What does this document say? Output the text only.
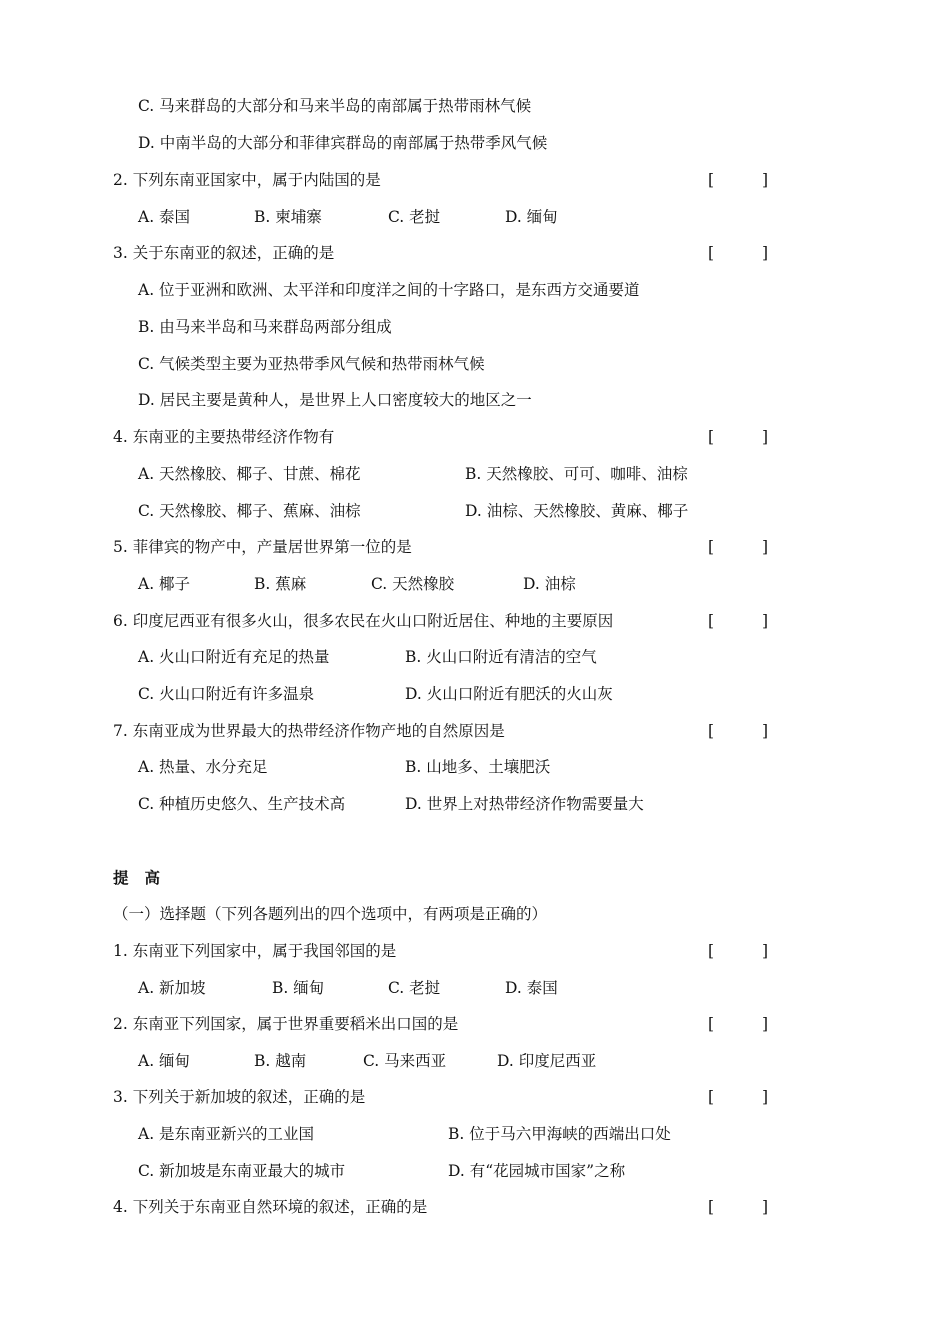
C. 马来群岛的大部分和马来半岛的南部属于热带雨林气候
D. 中南半岛的大部分和菲律宾群岛的南部属于热带季风气候
2. 下列东南亚国家中，属于内陆国的是	[	]
A. 泰国	B. 柬埔寨	C. 老挝	D. 缅甸
3. 关于东南亚的叙述，正确的是	[	]
A. 位于亚洲和欧洲、太平洋和印度洋之间的十字路口，是东西方交通要道
B. 由马来半岛和马来群岛两部分组成
C. 气候类型主要为亚热带季风气候和热带雨林气候
D. 居民主要是黄种人，是世界上人口密度较大的地区之一
4. 东南亚的主要热带经济作物有	[	]
A. 天然橡胶、椰子、甘蔗、棉花	B. 天然橡胶、可可、咖啡、油棕
C. 天然橡胶、椰子、蕉麻、油棕	D. 油棕、天然橡胶、黄麻、椰子
5. 菲律宾的物产中，产量居世界第一位的是	[	]
A. 椰子	B. 蕉麻	C. 天然橡胶	D. 油棕
6. 印度尼西亚有很多火山，很多农民在火山口附近居住、种地的主要原因	[	]
A. 火山口附近有充足的热量	B. 火山口附近有清洁的空气
C. 火山口附近有许多温泉	D. 火山口附近有肥沃的火山灰
7. 东南亚成为世界最大的热带经济作物产地的自然原因是	[	]
A. 热量、水分充足	B. 山地多、土壤肥沃
C. 种植历史悠久、生产技术高	D. 世界上对热带经济作物需要量大
提 高
（一）选择题（下列各题列出的四个选项中，有两项是正确的）
1. 东南亚下列国家中，属于我国邻国的是	[	]
A. 新加坡	B. 缅甸	C. 老挝	D. 泰国
2. 东南亚下列国家，属于世界重要稻米出口国的是	[	]
A. 缅甸	B. 越南	C. 马来西亚	D. 印度尼西亚
3. 下列关于新加坡的叙述，正确的是	[	]
A. 是东南亚新兴的工业国	B. 位于马六甲海峡的西端出口处
C. 新加坡是东南亚最大的城市	D. 有“花园城市国家”之称
4. 下列关于东南亚自然环境的叙述，正确的是	[	]
